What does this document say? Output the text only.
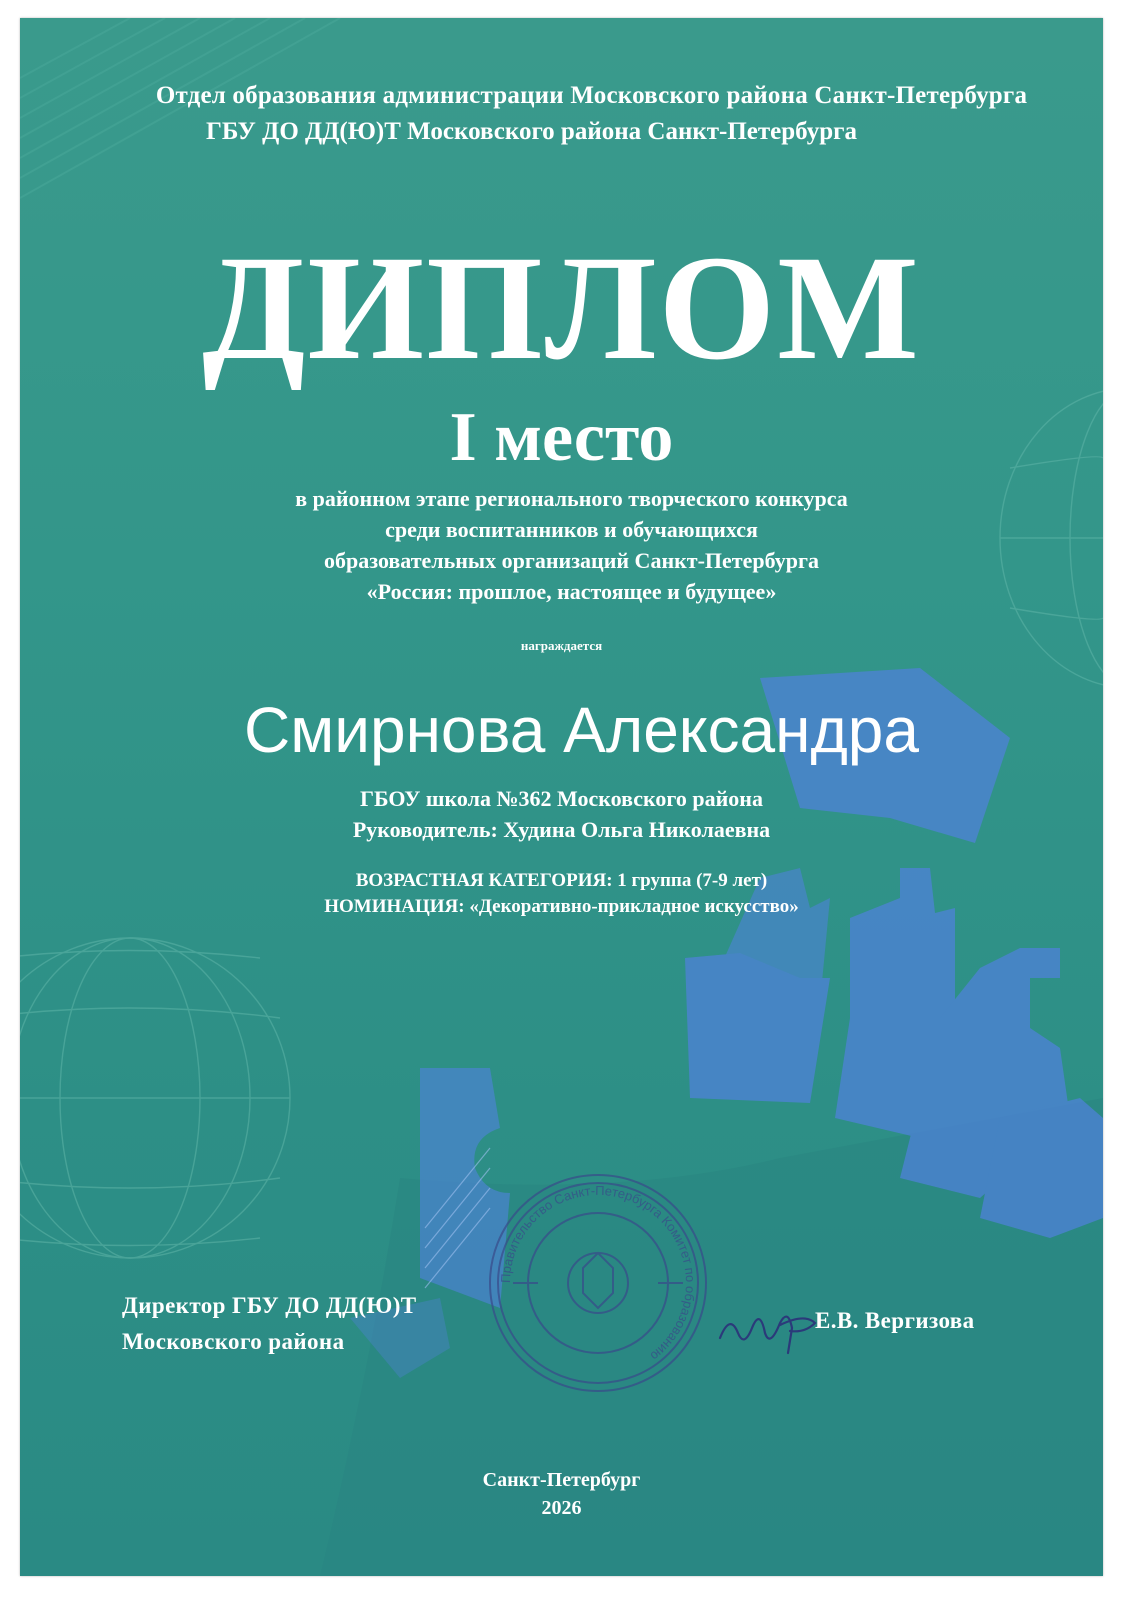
Отдел образования администрации Московского района Санкт-Петербурга

ГБУ ДО ДД(Ю)Т Московского района Санкт-Петербурга

ДИПЛОМ

I место

в районном этапе регионального творческого конкурса
среди воспитанников и обучающихся
образовательных организаций Санкт-Петербурга
«Россия: прошлое, настоящее и будущее»

награждается

Смирнова Александра

ГБОУ школа №362 Московского района
Руководитель: Худина Ольга Николаевна
ВОЗРАСТНАЯ КАТЕГОРИЯ: 1 группа (7-9 лет)
НОМИНАЦИЯ: «Декоративно-прикладное искусство»
Правительство Санкт-Петербурга Комитет по образованию
Директор ГБУ ДО ДД(Ю)Т
Московского района
Е.В. Вергизова
Санкт-Петербург
2026
